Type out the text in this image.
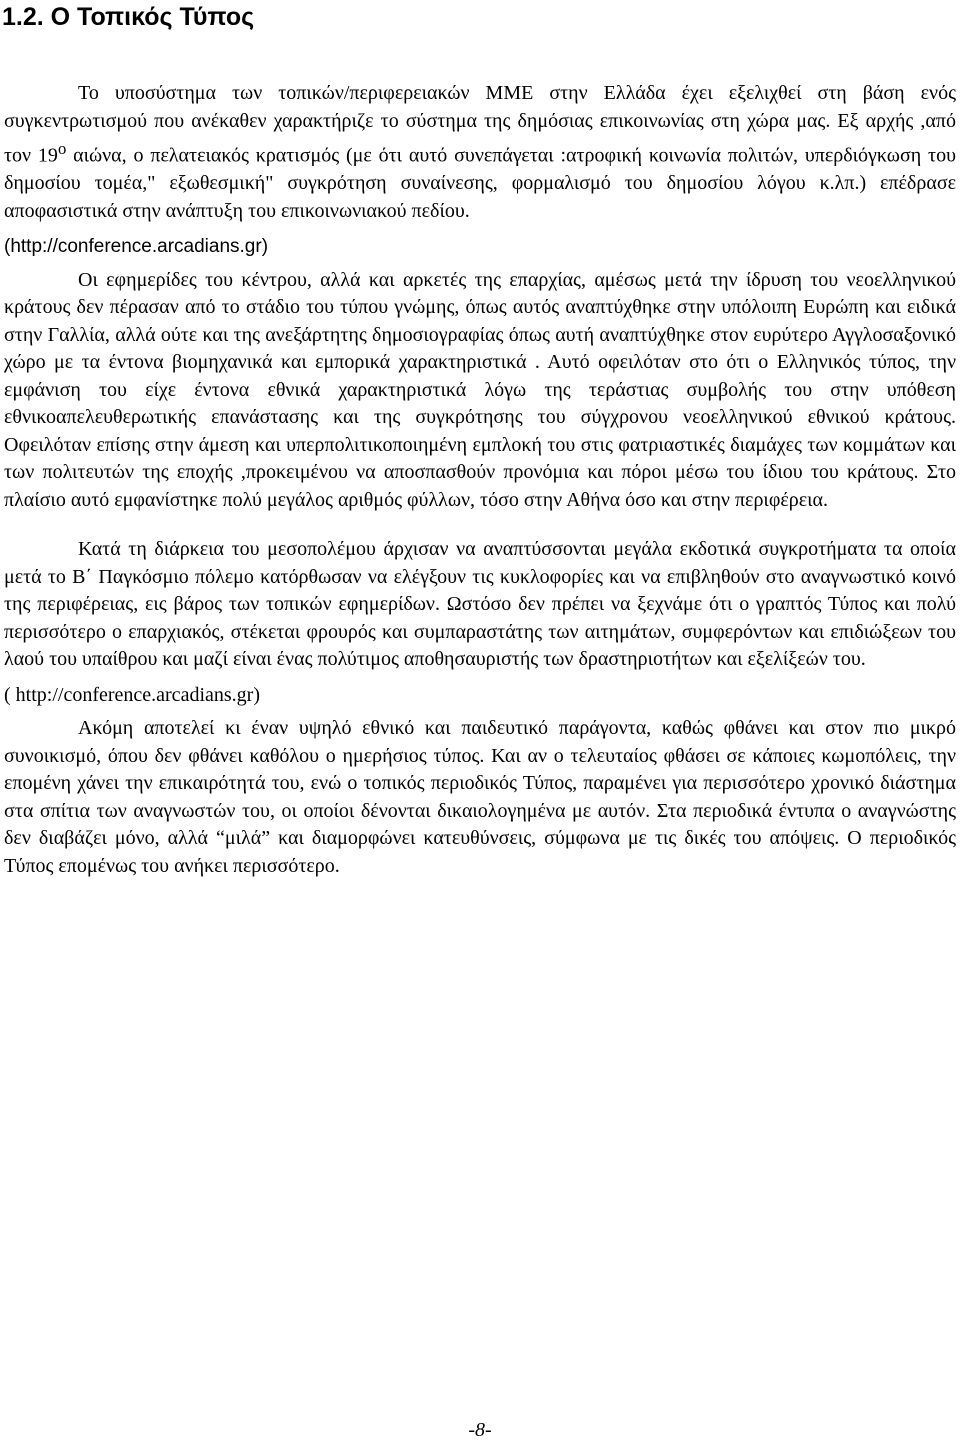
1.2. Ο Τοπικός Τύπος

Το υποσύστημα των τοπικών/περιφερειακών ΜΜΕ στην Ελλάδα έχει εξελιχθεί στη βάση ενός συγκεντρωτισμού που ανέκαθεν χαρακτήριζε το σύστημα της δημόσιας επικοινωνίας στη χώρα μας. Εξ αρχής ,από τον $19^o$ αιώνα, ο πελατειακός κρατισμός (με ότι αυτό συνεπάγεται :ατροφική κοινωνία πολιτών, υπερδιόγκωση του δημοσίου τομέα," εξωθεσμική" συγκρότηση συναίνεσης, φορμαλισμό του δημοσίου λόγου κ.λπ.) επέδρασε αποφασιστικά στην ανάπτυξη του επικοινωνιακού πεδίου.

(http://conference.arcadians.gr)

Οι εφημερίδες του κέντρου, αλλά και αρκετές της επαρχίας, αμέσως μετά την ίδρυση του νεοελληνικού κράτους δεν πέρασαν από το στάδιο του τύπου γνώμης, όπως αυτός αναπτύχθηκε στην υπόλοιπη Ευρώπη και ειδικά στην Γαλλία, αλλά ούτε και της ανεξάρτητης δημοσιογραφίας όπως αυτή αναπτύχθηκε στον ευρύτερο Αγγλοσαξονικό χώρο με τα έντονα βιομηχανικά και εμπορικά χαρακτηριστικά . Αυτό οφειλόταν στο ότι ο Ελληνικός τύπος, την εμφάνιση του είχε έντονα εθνικά χαρακτηριστικά λόγω της τεράστιας συμβολής του στην υπόθεση εθνικοαπελευθερωτικής επανάστασης και της συγκρότησης του σύγχρονου νεοελληνικού εθνικού κράτους. Οφειλόταν επίσης στην άμεση και υπερπολιτικοποιημένη εμπλοκή του στις φατριαστικές διαμάχες των κομμάτων και των πολιτευτών της εποχής ,προκειμένου να αποσπασθούν προνόμια και πόροι μέσω του ίδιου του κράτους. Στο πλαίσιο αυτό εμφανίστηκε πολύ μεγάλος αριθμός φύλλων, τόσο στην Αθήνα όσο και στην περιφέρεια.

Κατά τη διάρκεια του μεσοπολέμου άρχισαν να αναπτύσσονται μεγάλα εκδοτικά συγκροτήματα τα οποία μετά το Β΄ Παγκόσμιο πόλεμο κατόρθωσαν να ελέγξουν τις κυκλοφορίες και να επιβληθούν στο αναγνωστικό κοινό της περιφέρειας, εις βάρος των τοπικών εφημερίδων. Ωστόσο δεν πρέπει να ξεχνάμε ότι ο γραπτός Τύπος και πολύ περισσότερο ο επαρχιακός, στέκεται φρουρός και συμπαραστάτης των αιτημάτων, συμφερόντων και επιδιώξεων του λαού του υπαίθρου και μαζί είναι ένας πολύτιμος αποθησαυριστής των δραστηριοτήτων και εξελίξεών του.

( http://conference.arcadians.gr)

Ακόμη αποτελεί κι έναν υψηλό εθνικό και παιδευτικό παράγοντα, καθώς φθάνει και στον πιο μικρό συνοικισμό, όπου δεν φθάνει καθόλου ο ημερήσιος τύπος. Και αν ο τελευταίος φθάσει σε κάποιες κωμοπόλεις, την επομένη χάνει την επικαιρότητά του, ενώ ο τοπικός περιοδικός Τύπος, παραμένει για περισσότερο χρονικό διάστημα στα σπίτια των αναγνωστών του, οι οποίοι δένονται δικαιολογημένα με αυτόν. Στα περιοδικά έντυπα ο αναγνώστης δεν διαβάζει μόνο, αλλά “μιλά” και διαμορφώνει κατευθύνσεις, σύμφωνα με τις δικές του απόψεις. Ο περιοδικός Τύπος επομένως του ανήκει περισσότερο.

-8-
